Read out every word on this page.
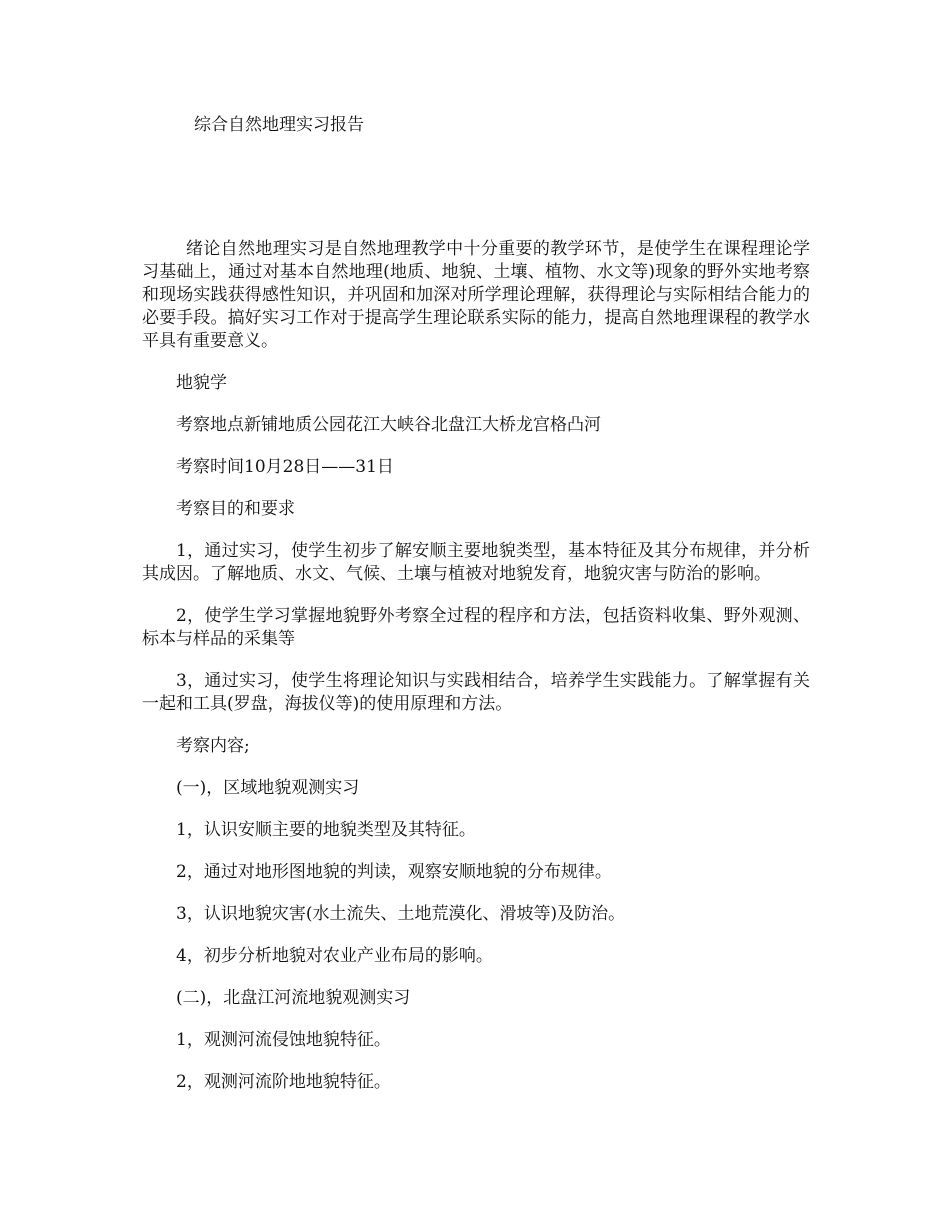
综合自然地理实习报告

绪论自然地理实习是自然地理教学中十分重要的教学环节，是使学生在课程理论学习基础上，通过对基本自然地理(地质、地貌、土壤、植物、水文等)现象的野外实地考察和现场实践获得感性知识，并巩固和加深对所学理论理解，获得理论与实际相结合能力的必要手段。搞好实习工作对于提高学生理论联系实际的能力，提高自然地理课程的教学水平具有重要意义。

地貌学

考察地点新铺地质公园花江大峡谷北盘江大桥龙宫格凸河

考察时间10月28日——31日

考察目的和要求

1，通过实习，使学生初步了解安顺主要地貌类型，基本特征及其分布规律，并分析其成因。了解地质、水文、气候、土壤与植被对地貌发育，地貌灾害与防治的影响。

2，使学生学习掌握地貌野外考察全过程的程序和方法，包括资料收集、野外观测、标本与样品的采集等

3，通过实习，使学生将理论知识与实践相结合，培养学生实践能力。了解掌握有关一起和工具(罗盘，海拔仪等)的使用原理和方法。

考察内容;

(一)，区域地貌观测实习

1，认识安顺主要的地貌类型及其特征。

2，通过对地形图地貌的判读，观察安顺地貌的分布规律。

3，认识地貌灾害(水土流失、土地荒漠化、滑坡等)及防治。

4，初步分析地貌对农业产业布局的影响。

(二)，北盘江河流地貌观测实习

1，观测河流侵蚀地貌特征。

2，观测河流阶地地貌特征。
